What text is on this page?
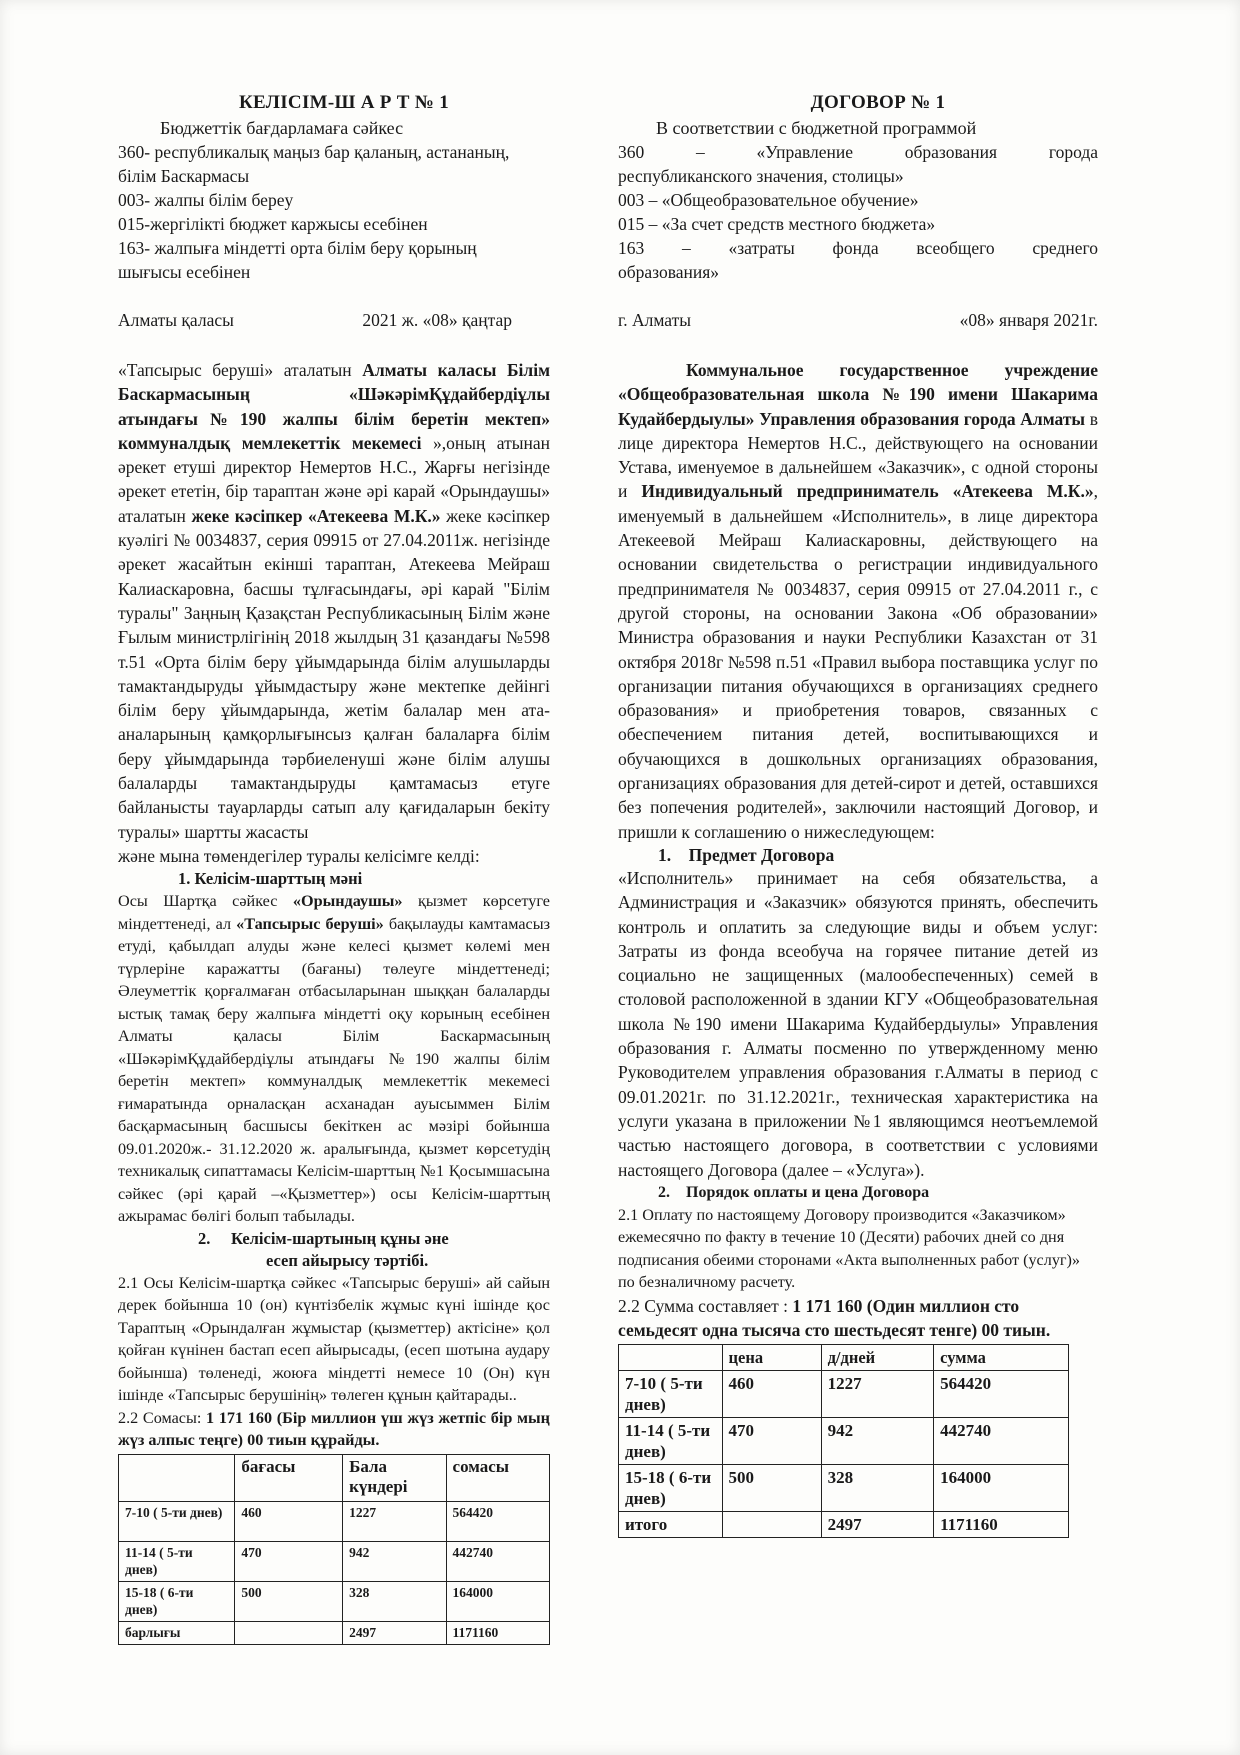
КЕЛІСІМ-Ш А Р Т № 1
Бюджеттік бағдарламаға сәйкес
360- республикалық маңыз бар қаланың, астананың,
білім Баскармасы
003- жалпы білім берeу
015-жергілікті бюджет каржысы есебінен
163- жалпыға міндетті орта білім беру қорының
шығысы есебінен
Алматы қаласы	2021 ж. «08» қаңтар
«Тапсырыс беруші» аталатын Алматы каласы Білім Баскармасының «ШәкәрімҚұдайбердіұлы атындағы№190 жалпы білім беретін мектеп» коммуналдық мемлекеттік мекемесі »,оның атынан әрекет етуші директор Немертов Н.С., Жарғы негізінде әрекет ететін, бір тараптан және әрі карай «Орындаушы» аталатын жеке кәсіпкер «Атекеева М.К.» жеке кәсіпкер куәлігі № 0034837, серия 09915 от 27.04.2011ж. негізінде әрекет жасайтын екінші тараптан, Атекеева Мейраш Калиаскаровна, басшы тұлғасындағы, әрі карай "Білім туралы" Заңның Қазақстан Республикасының Білім және Ғылым министрлігінің 2018 жылдың 31 қазандағы №598 т.51 «Орта білім беру ұйымдарында білім алушыларды тамактандыруды ұйымдастыру және мектепке дейінгі білім беру ұйымдарында, жетім балалар мен ата-аналарының қамқорлығынсыз қалған балаларға білім беру ұйымдарында тәрбиеленуші және білім алушы балаларды тамактандыруды қамтамасыз етуге байланысты тауарларды сатып алу қағидаларын бекіту туралы» шартты жасасты
және мына төмендегілер туралы келісімге келді:
1. Келісім-шарттың мәні
Осы Шартқа сәйкес «Орындаушы» қызмет көрсетуге міндеттенеді, ал «Тапсырыс беруші» бақылауды камтамасыз етуді, қабылдап алуды және келесі қызмет көлемі мен түрлеріне каражатты (бағаны) төлеуге міндеттенеді; Әлеуметтік қорғалмаған отбасыларынан шыққан балаларды ыстық тамақ беру жалпыға міндетті оқу корының есебінен Алматы қаласы Білім Баскармасының «ШәкәрімҚұдайбердіұлы атындағы №190 жалпы білім беретін мектеп» коммуналдық мемлекеттік мекемесі ғимаратында орналасқан асханадан ауысыммен Білім басқармасының басшысы бекіткен ас мәзірі бойынша 09.01.2020ж.- 31.12.2020 ж. аралығында, қызмет көрсетудің техникалық сипаттамасы Келісім-шарттың №1 Қосымшасына сәйкес (әрі қарай –«Қызметтер») осы Келісім-шарттың ажырамас бөлігі болып табылады.
2. Келісім-шартының құны әне
есеп айырысу тәртібі.
2.1 Осы Келісім-шартқа сәйкес «Тапсырыс беруші» ай сайын дерек бойынша 10 (он) күнтізбелік жұмыс күні ішінде қос Тараптың «Орындалған жұмыстар (қызметтер) актісіне» қол қойған күнінен бастап есеп айырысады, (есеп шотына аудару бойынша) төленеді, жоюға міндетті немесе 10 (Он) күн ішінде «Тапсырыс берушінің» төлеген құнын қайтарады..
2.2 Сомасы: 1 171 160 (Бір миллион үш жүз жетпіс бір мың жүз алпыс теңге) 00 тиын құрайды.
	бағасы	Бала күндері	сомасы
7-10 ( 5-ти днев)	460	1227	564420
11-14 ( 5-ти днев)	470	942	442740
15-18 ( 6-ти днев)	500	328	164000
барлығы		2497	1171160
ДОГОВОР № 1
В соответствии с бюджетной программой
360    –    «Управление    образования    города республиканского значения, столицы»
003 – «Общеобразовательное обучение»
015 – «За счет средств местного бюджета»
163    –    «затраты    фонда    всеобщего    среднего образования»
г. Алматы	«08» января 2021г.
Коммунальное государственное учреждение «Общеобразовательная школа №190 имени Шакарима Кудайбердыулы» Управления образования города Алматы в лице директора Немертов Н.С., действующего на основании Устава, именуемое в дальнейшем «Заказчик», с одной стороны и Индивидуальный предприниматель «Атекеева М.К.», именуемый в дальнейшем «Исполнитель», в лице директора Атекеевой Мейраш Калиаскаровны, действующего на основании свидетельства о регистрации индивидуального предпринимателя № 0034837, серия 09915 от 27.04.2011 г., с другой стороны, на основании Закона «Об образовании» Министра образования и науки Республики Казахстан от 31 октября 2018г №598 п.51 «Правил выбора поставщика услуг по организации питания обучающихся в организациях среднего образования» и приобретения товаров, связанных с обеспечением питания детей, воспитывающихся и обучающихся в дошкольных организациях образования, организациях образования для детей-сирот и детей, оставшихся без попечения родителей», заключили настоящий Договор, и пришли к соглашению о нижеследующем:
1.    Предмет Договора
«Исполнитель» принимает на себя обязательства, а Администрация и «Заказчик» обязуются принять, обеспечить контроль и оплатить за следующие виды и объем услуг: Затраты из фонда всеобуча на горячее питание детей из социально не защищенных (малообеспеченных) семей в столовой расположенной в здании КГУ «Общеобразовательная школа №190 имени Шакарима Кудайбердыулы» Управления образования г. Алматы посменно по утвержденному меню Руководителем управления образования г.Алматы в период с 09.01.2021г. по 31.12.2021г., техническая характеристика на услуги указана в приложении №1 являющимся неотъемлемой частью настоящего договора, в соответствии с условиями настоящего Договора (далее – «Услуга»).
2.    Порядок оплаты и цена Договора
2.1 Оплату по настоящему Договору производится «Заказчиком» ежемесячно по факту в течение 10 (Десяти) рабочих дней со дня подписания обеими сторонами «Акта выполненных работ (услуг)» по безналичному расчету.
2.2 Сумма составляет : 1 171 160 (Один миллион сто семьдесят одна тысяча сто шестьдесят тенге) 00 тиын.
	цена	д/дней	сумма
7-10 ( 5-ти днев)	460	1227	564420
11-14 ( 5-ти днев)	470	942	442740
15-18 ( 6-ти днев)	500	328	164000
итого		2497	1171160
